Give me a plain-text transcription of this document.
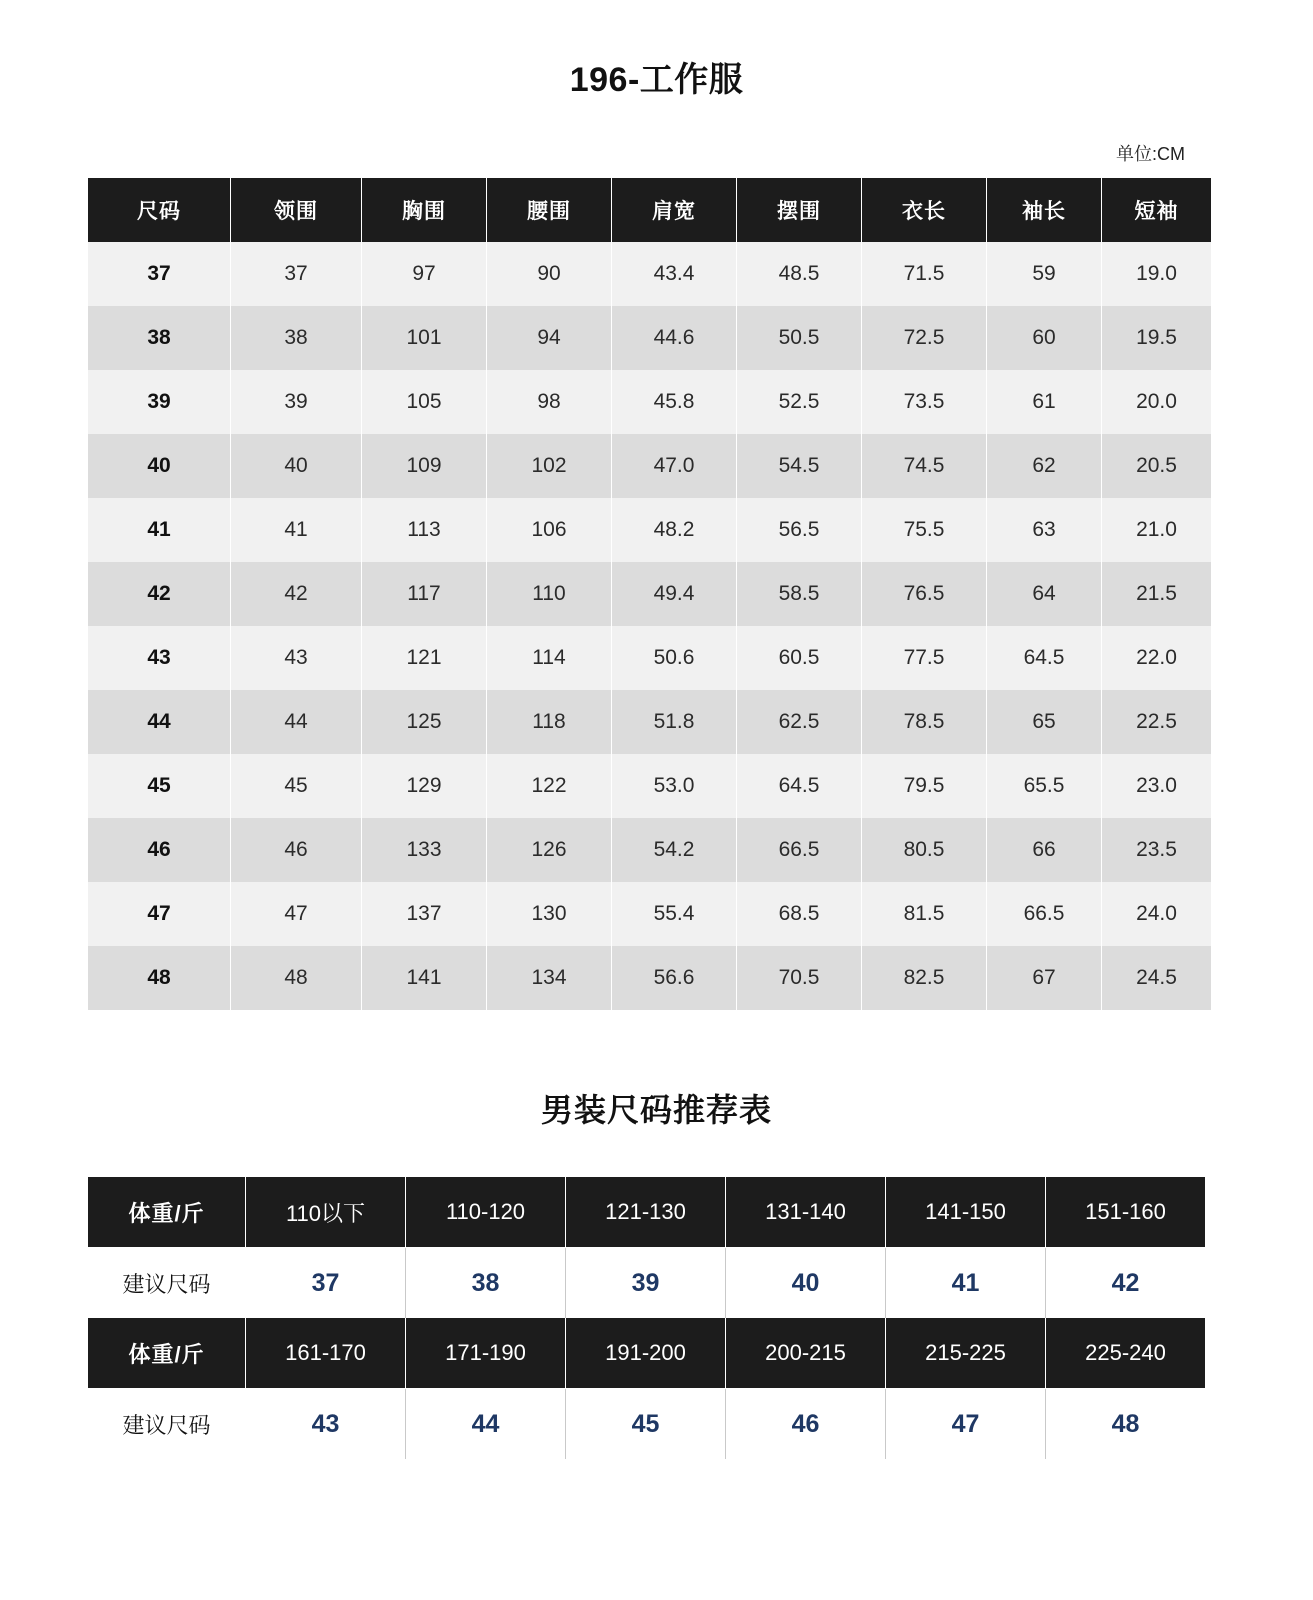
196-工作服
单位:CM
尺码	领围	胸围	腰围	肩宽	摆围	衣长	袖长	短袖
37	37	97	90	43.4	48.5	71.5	59	19.0
38	38	101	94	44.6	50.5	72.5	60	19.5
39	39	105	98	45.8	52.5	73.5	61	20.0
40	40	109	102	47.0	54.5	74.5	62	20.5
41	41	113	106	48.2	56.5	75.5	63	21.0
42	42	117	110	49.4	58.5	76.5	64	21.5
43	43	121	114	50.6	60.5	77.5	64.5	22.0
44	44	125	118	51.8	62.5	78.5	65	22.5
45	45	129	122	53.0	64.5	79.5	65.5	23.0
46	46	133	126	54.2	66.5	80.5	66	23.5
47	47	137	130	55.4	68.5	81.5	66.5	24.0
48	48	141	134	56.6	70.5	82.5	67	24.5
男装尺码推荐表
体重/斤	110以下	110-120	121-130	131-140	141-150	151-160
建议尺码	37	38	39	40	41	42
体重/斤	161-170	171-190	191-200	200-215	215-225	225-240
建议尺码	43	44	45	46	47	48
